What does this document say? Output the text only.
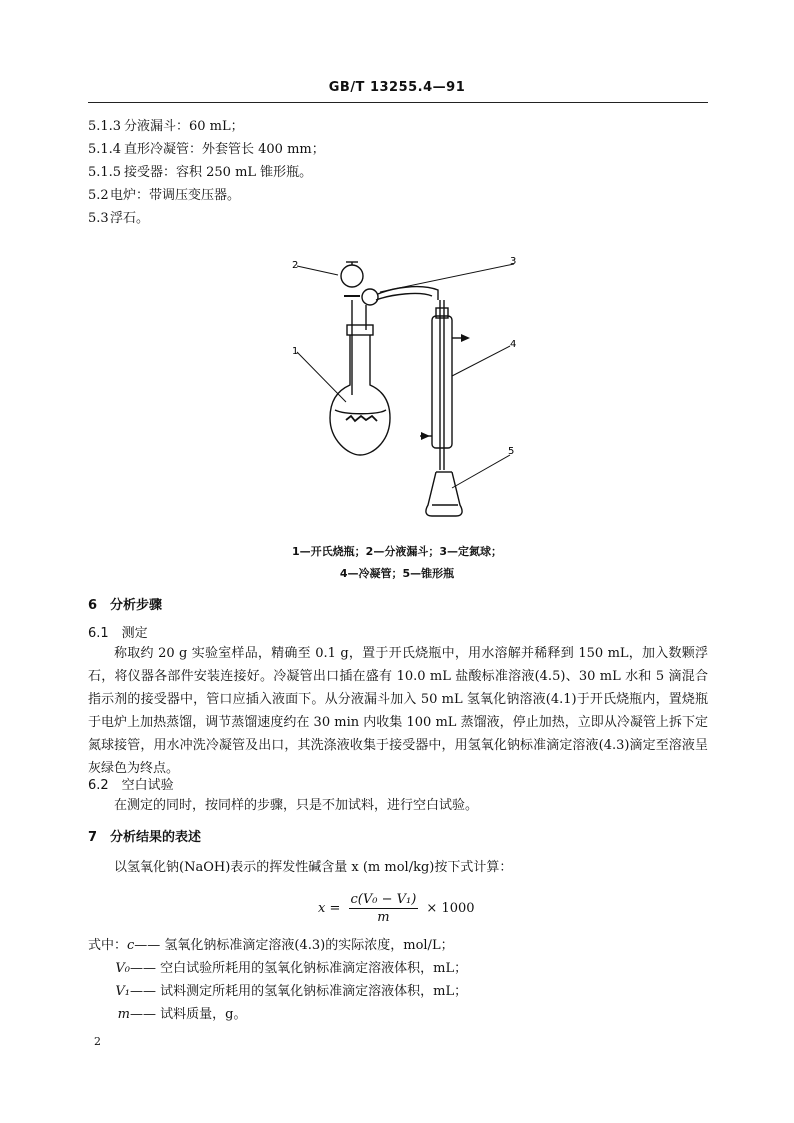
GB/T 13255.4—91
5.1.3 分液漏斗：60 mL；
5.1.4 直形冷凝管：外套管长 400 mm；
5.1.5 接受器：容积 250 mL 锥形瓶。
5.2电炉：带调压变压器。
5.3浮石。
2	3
4
1
5
1—开氏烧瓶；2—分液漏斗；3—定氮球；
4—冷凝管；5—锥形瓶
6　分析步骤
6.1　测定
称取约 20 g 实验室样品，精确至 0.1 g，置于开氏烧瓶中，用水溶解并稀释到 150 mL，加入数颗浮石，将仪器各部件安装连接好。冷凝管出口插在盛有 10.0 mL 盐酸标准溶液(4.5)、30 mL 水和 5 滴混合指示剂的接受器中，管口应插入液面下。从分液漏斗加入 50 mL 氢氧化钠溶液(4.1)于开氏烧瓶内，置烧瓶于电炉上加热蒸馏，调节蒸馏速度约在 30 min 内收集 100 mL 蒸馏液，停止加热，立即从冷凝管上拆下定氮球接管，用水冲洗冷凝管及出口，其洗涤液收集于接受器中，用氢氧化钠标准滴定溶液(4.3)滴定至溶液呈灰绿色为终点。
6.2　空白试验
在测定的同时，按同样的步骤，只是不加试料，进行空白试验。
7　分析结果的表述
以氢氧化钠(NaOH)表示的挥发性碱含量 x (m mol/kg)按下式计算：
$x = \frac{\text{c(V₀ − V₁)}}{m} \times 1000$
式中：c—— 氢氧化钠标准滴定溶液(4.3)的实际浓度，mol/L；
V₀—— 空白试验所耗用的氢氧化钠标准滴定溶液体积，mL；
V₁—— 试料测定所耗用的氢氧化钠标准滴定溶液体积，mL；
m—— 试料质量，g。
2
